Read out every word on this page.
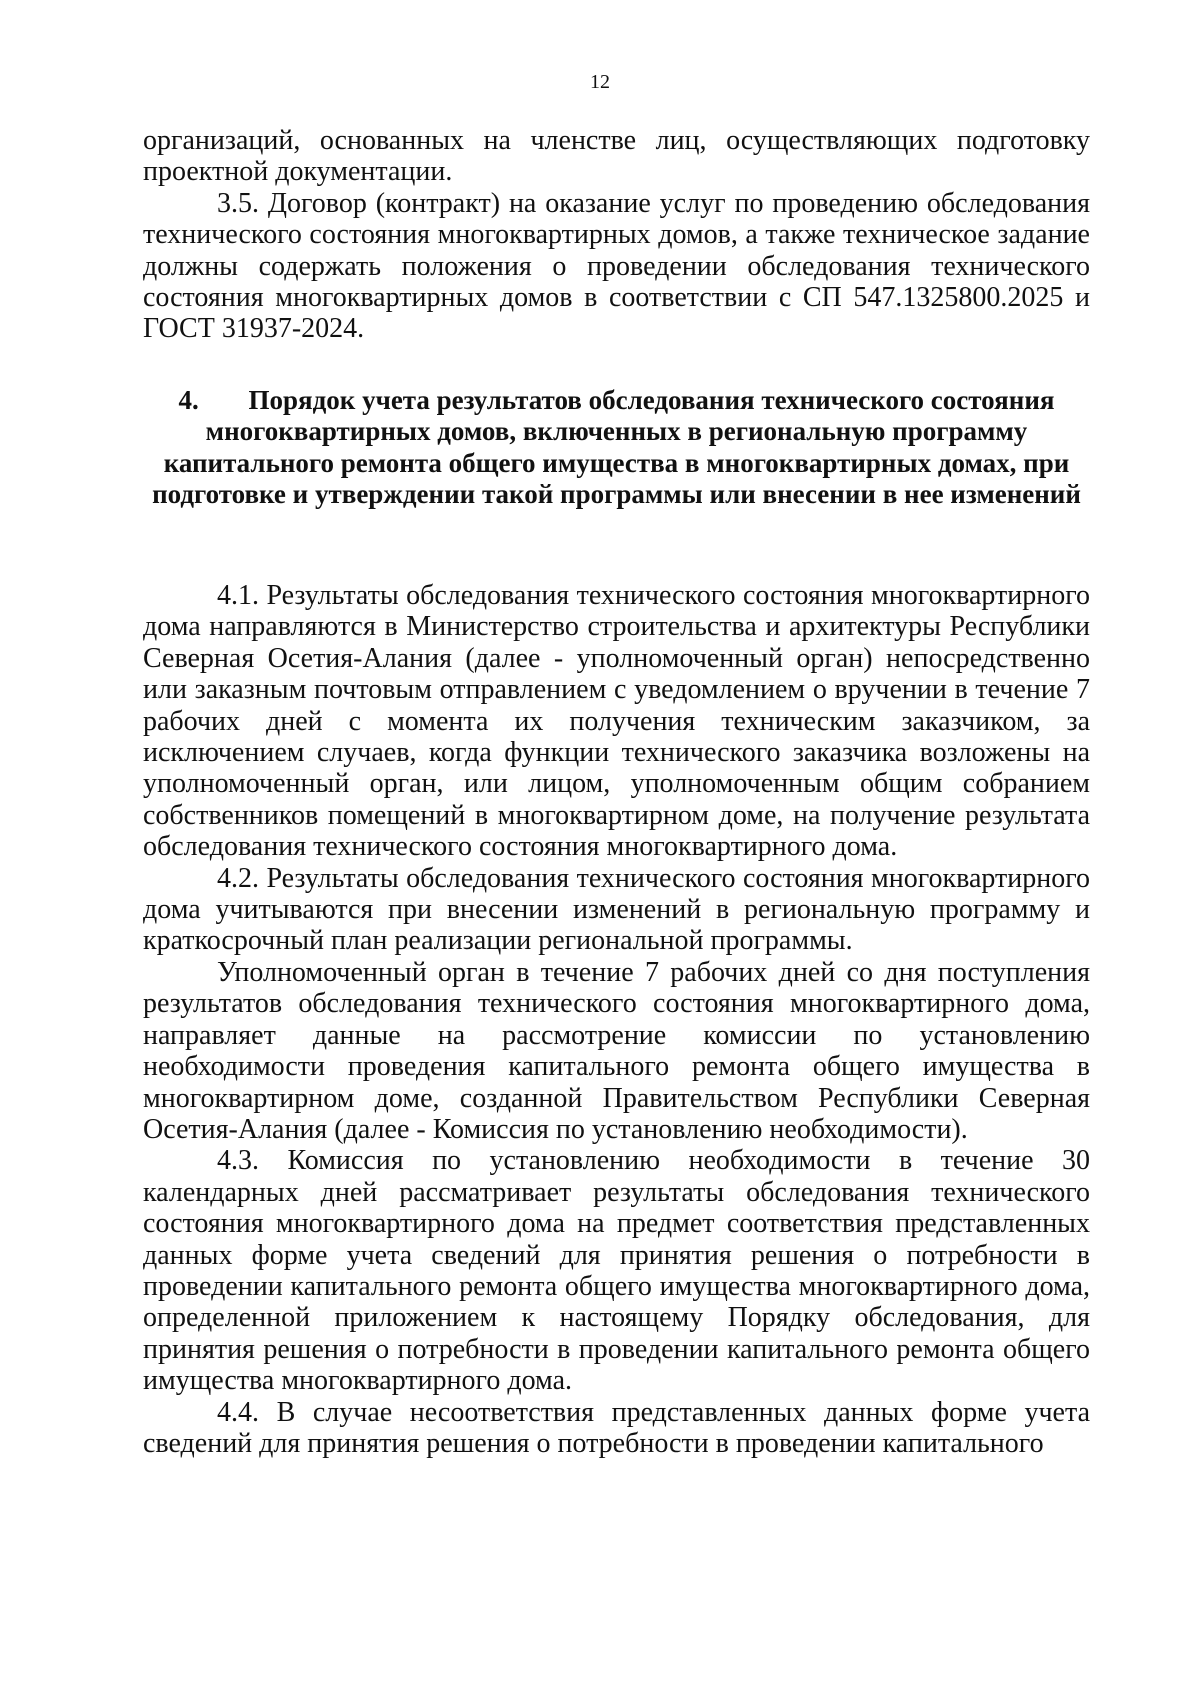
12

организаций, основанных на членстве лиц, осуществляющих подготовку проектной документации.

3.5. Договор (контракт) на оказание услуг по проведению обследования технического состояния многоквартирных домов, а также техническое задание должны содержать положения о проведении обследования технического состояния многоквартирных домов в соответствии с СП 547.1325800.2025 и ГОСТ 31937-2024.

4. Порядок учета результатов обследования технического состояния многоквартирных домов, включенных в региональную программу капитального ремонта общего имущества в многоквартирных домах, при подготовке и утверждении такой программы или внесении в нее изменений

4.1. Результаты обследования технического состояния многоквартирного дома направляются в Министерство строительства и архитектуры Республики Северная Осетия-Алания (далее - уполномоченный орган) непосредственно или заказным почтовым отправлением с уведомлением о вручении в течение 7 рабочих дней с момента их получения техническим заказчиком, за исключением случаев, когда функции технического заказчика возложены на уполномоченный орган, или лицом, уполномоченным общим собранием собственников помещений в многоквартирном доме, на получение результата обследования технического состояния многоквартирного дома.

4.2. Результаты обследования технического состояния многоквартирного дома учитываются при внесении изменений в региональную программу и краткосрочный план реализации региональной программы.

Уполномоченный орган в течение 7 рабочих дней со дня поступления результатов обследования технического состояния многоквартирного дома, направляет данные на рассмотрение комиссии по установлению необходимости проведения капитального ремонта общего имущества в многоквартирном доме, созданной Правительством Республики Северная Осетия-Алания (далее - Комиссия по установлению необходимости).

4.3. Комиссия по установлению необходимости в течение 30 календарных дней рассматривает результаты обследования технического состояния многоквартирного дома на предмет соответствия представленных данных форме учета сведений для принятия решения о потребности в проведении капитального ремонта общего имущества многоквартирного дома, определенной приложением к настоящему Порядку обследования, для принятия решения о потребности в проведении капитального ремонта общего имущества многоквартирного дома.

4.4. В случае несоответствия представленных данных форме учета сведений для принятия решения о потребности в проведении капитального
